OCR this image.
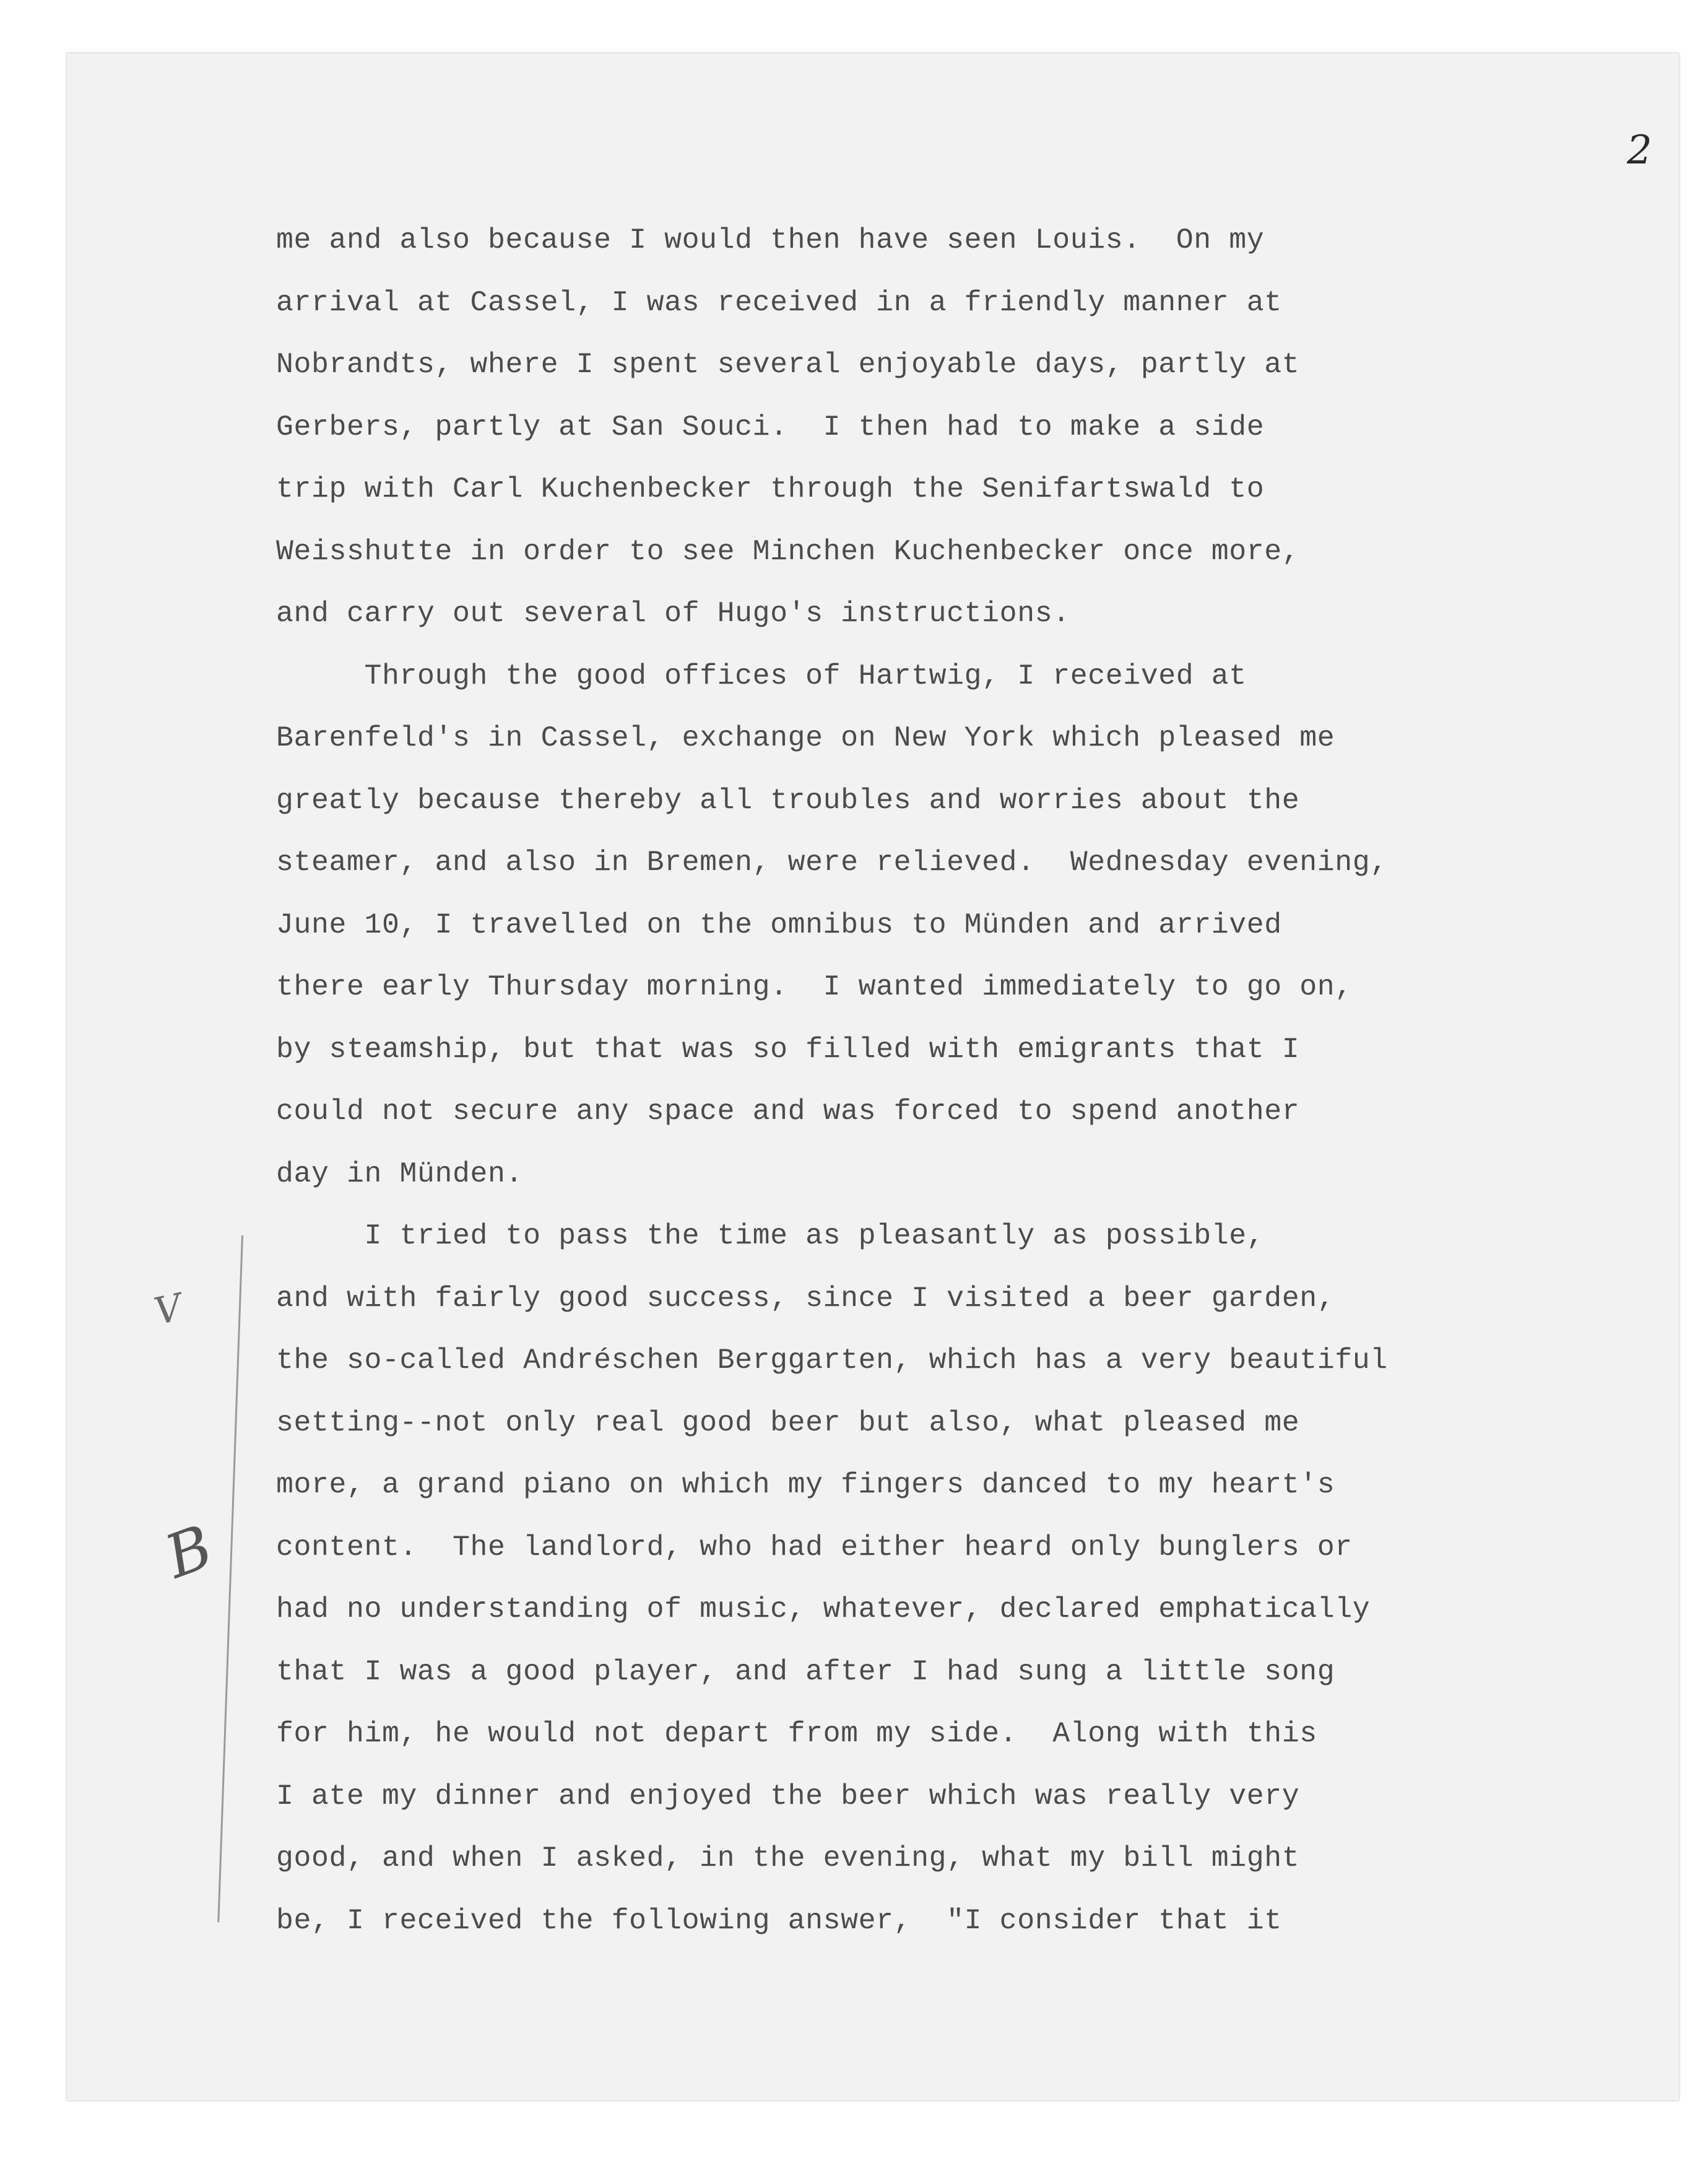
2
V
B
me and also because I would then have seen Louis.  On my
arrival at Cassel, I was received in a friendly manner at
Nobrandts, where I spent several enjoyable days, partly at
Gerbers, partly at San Souci.  I then had to make a side
trip with Carl Kuchenbecker through the Senifartswald to
Weisshutte in order to see Minchen Kuchenbecker once more,
and carry out several of Hugo's instructions.
Through the good offices of Hartwig, I received at
Barenfeld's in Cassel, exchange on New York which pleased me
greatly because thereby all troubles and worries about the
steamer, and also in Bremen, were relieved.  Wednesday evening,
June 10, I travelled on the omnibus to Münden and arrived
there early Thursday morning.  I wanted immediately to go on,
by steamship, but that was so filled with emigrants that I
could not secure any space and was forced to spend another
day in Münden.
I tried to pass the time as pleasantly as possible,
and with fairly good success, since I visited a beer garden,
the so-called Andréschen Berggarten, which has a very beautiful
setting--not only real good beer but also, what pleased me
more, a grand piano on which my fingers danced to my heart's
content.  The landlord, who had either heard only bunglers or
had no understanding of music, whatever, declared emphatically
that I was a good player, and after I had sung a little song
for him, he would not depart from my side.  Along with this
I ate my dinner and enjoyed the beer which was really very
good, and when I asked, in the evening, what my bill might
be, I received the following answer,  "I consider that it
